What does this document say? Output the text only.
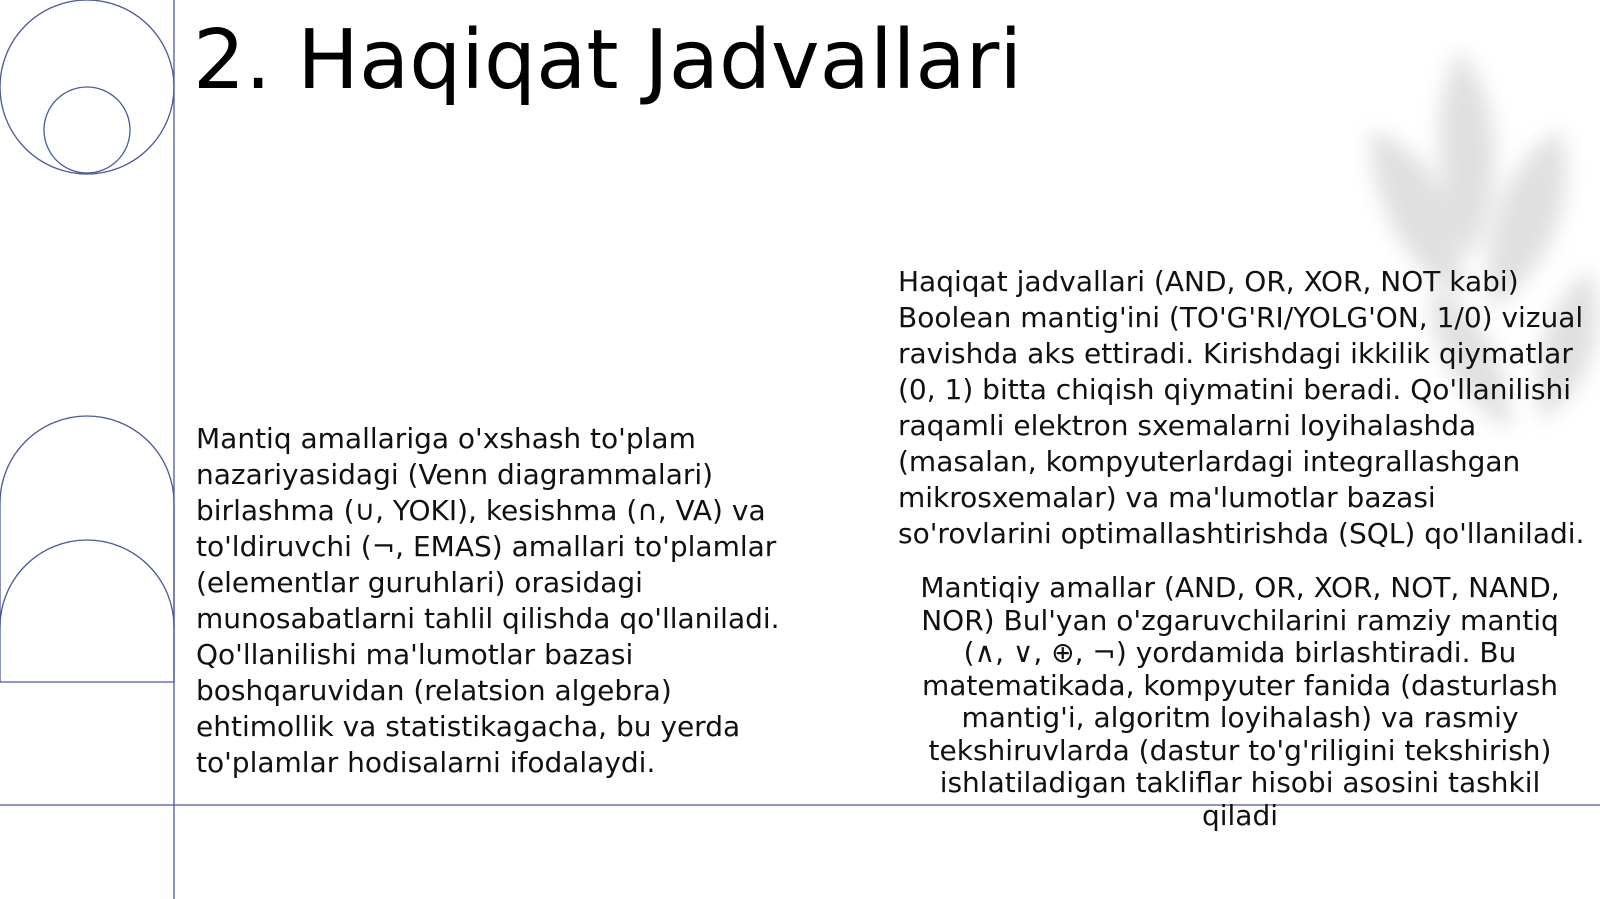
2. Haqiqat Jadvallari

Mantiq amallariga o'xshash to'plam nazariyasidagi (Venn diagrammalari) birlashma (∪, YOKI), kesishma (∩, VA) va to'ldiruvchi (¬, EMAS) amallari to'plamlar (elementlar guruhlari) orasidagi munosabatlarni tahlil qilishda qo'llaniladi. Qo'llanilishi ma'lumotlar bazasi boshqaruvidan (relatsion algebra) ehtimollik va statistikagacha, bu yerda to'plamlar hodisalarni ifodalaydi.

Haqiqat jadvallari (AND, OR, XOR, NOT kabi) Boolean mantig'ini (TO'G'RI/YOLG'ON, 1/0) vizual ravishda aks ettiradi. Kirishdagi ikkilik qiymatlar (0, 1) bitta chiqish qiymatini beradi. Qo'llanilishi raqamli elektron sxemalarni loyihalashda (masalan, kompyuterlardagi integrallashgan mikrosxemalar) va ma'lumotlar bazasi so'rovlarini optimallashtirishda (SQL) qo'llaniladi.

Mantiqiy amallar (AND, OR, XOR, NOT, NAND, NOR) Bul'yan o'zgaruvchilarini ramziy mantiq (∧, ∨, ⊕, ¬) yordamida birlashtiradi. Bu matematikada, kompyuter fanida (dasturlash mantig'i, algoritm loyihalash) va rasmiy tekshiruvlarda (dastur to'g'riligini tekshirish) ishlatiladigan takliflar hisobi asosini tashkil qiladi
